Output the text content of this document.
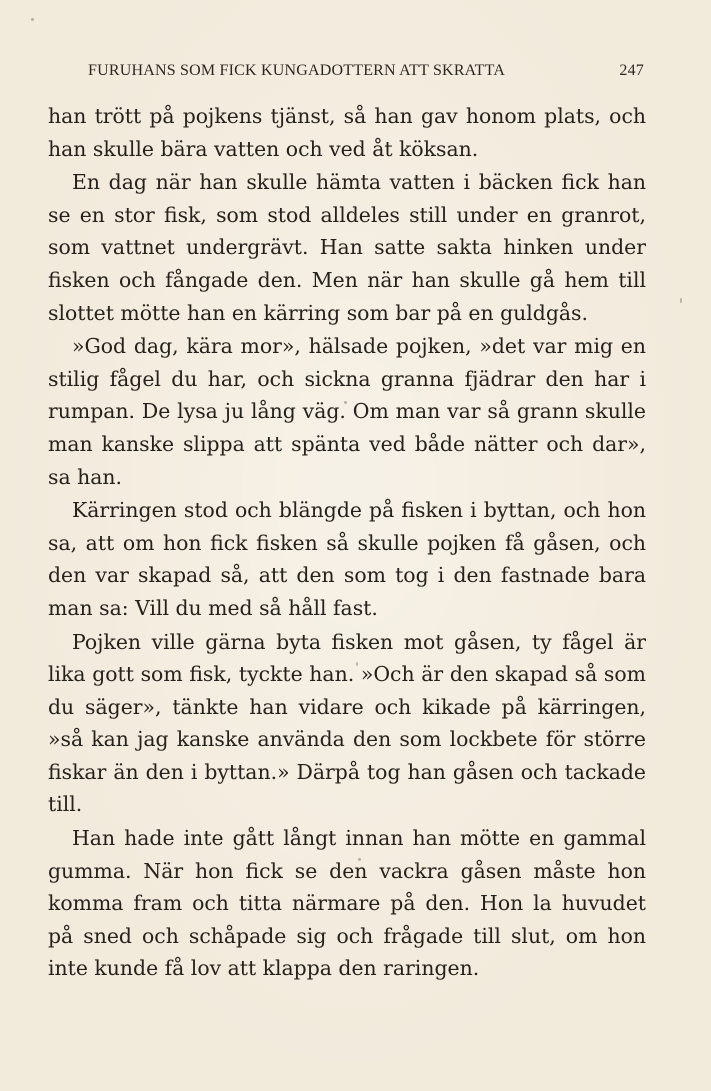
FURUHANS SOM FICK KUNGADOTTERN ATT SKRATTA	247

han trött på pojkens tjänst, så han gav honom plats, och han skulle bära vatten och ved åt köksan.

En dag när han skulle hämta vatten i bäcken fick han se en stor fisk, som stod alldeles still under en granrot, som vattnet undergrävt. Han satte sakta hinken under fisken och fångade den. Men när han skulle gå hem till slottet mötte han en kärring som bar på en guldgås.

»God dag, kära mor», hälsade pojken, »det var mig en stilig fågel du har, och sickna granna fjädrar den har i rumpan. De lysa ju lång väg. Om man var så grann skulle man kanske slippa att spänta ved både nätter och dar», sa han.

Kärringen stod och blängde på fisken i byttan, och hon sa, att om hon fick fisken så skulle pojken få gåsen, och den var skapad så, att den som tog i den fastnade bara man sa: Vill du med så håll fast.

Pojken ville gärna byta fisken mot gåsen, ty fågel är lika gott som fisk, tyckte han. »Och är den skapad så som du säger», tänkte han vidare och kikade på kärringen, »så kan jag kanske använda den som lockbete för större fiskar än den i byttan.» Därpå tog han gåsen och tackade till.

Han hade inte gått långt innan han mötte en gammal gumma. När hon fick se den vackra gåsen måste hon komma fram och titta närmare på den. Hon la huvudet på sned och schåpade sig och frågade till slut, om hon inte kunde få lov att klappa den raringen.
